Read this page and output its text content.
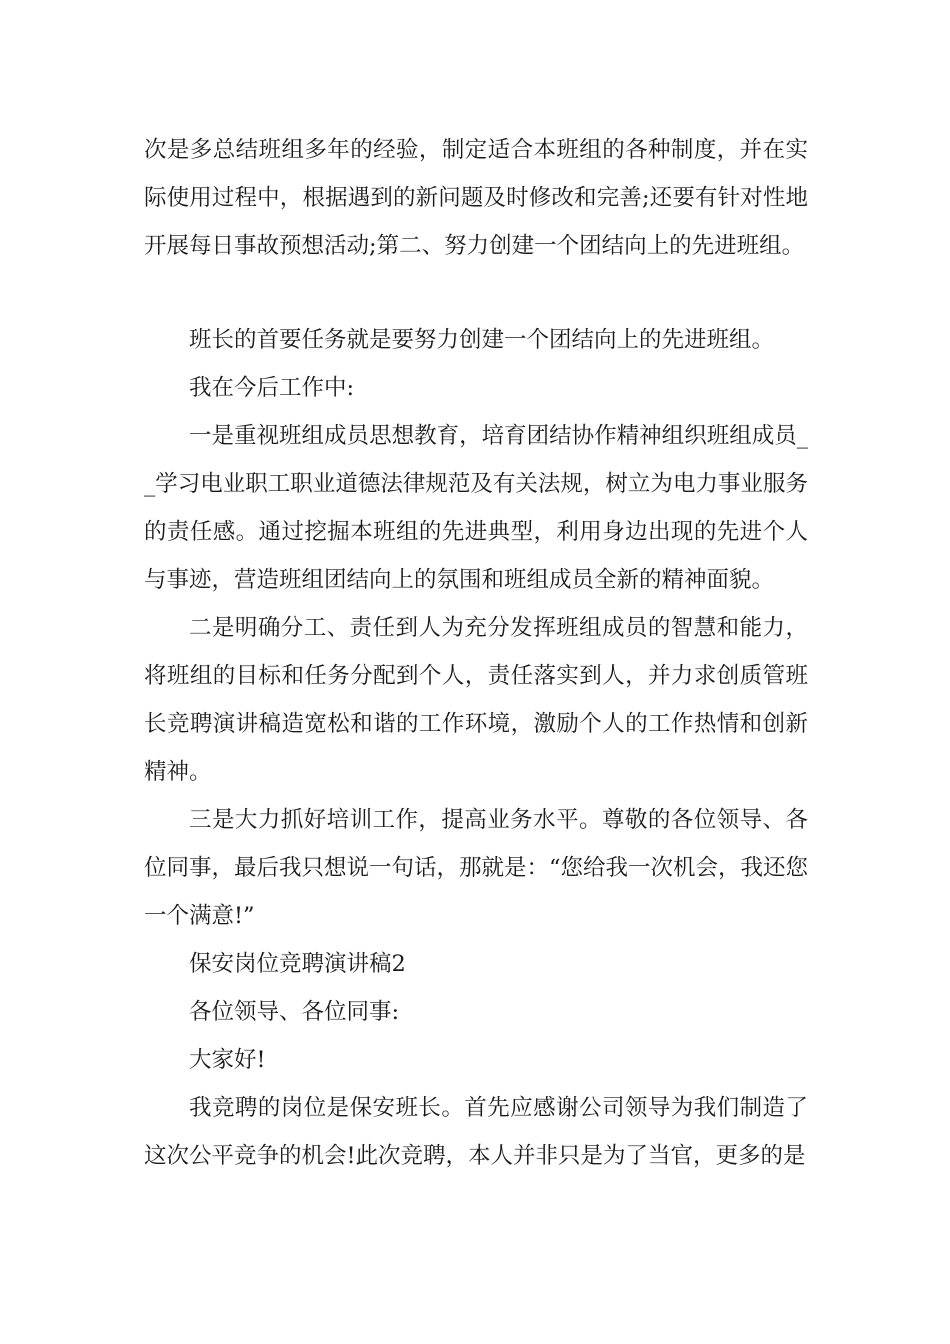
次是多总结班组多年的经验，制定适合本班组的各种制度，并在实际使用过程中，根据遇到的新问题及时修改和完善;还要有针对性地开展每日事故预想活动;第二、努力创建一个团结向上的先进班组。

班长的首要任务就是要努力创建一个团结向上的先进班组。

我在今后工作中:

一是重视班组成员思想教育，培育团结协作精神组织班组成员__学习电业职工职业道德法律规范及有关法规，树立为电力事业服务的责任感。通过挖掘本班组的先进典型，利用身边出现的先进个人与事迹，营造班组团结向上的氛围和班组成员全新的精神面貌。

二是明确分工、责任到人为充分发挥班组成员的智慧和能力，将班组的目标和任务分配到个人，责任落实到人，并力求创质管班长竞聘演讲稿造宽松和谐的工作环境，激励个人的工作热情和创新精神。

三是大力抓好培训工作，提高业务水平。尊敬的各位领导、各位同事，最后我只想说一句话，那就是：“您给我一次机会，我还您一个满意!”

保安岗位竞聘演讲稿2

各位领导、各位同事:

大家好!

我竞聘的岗位是保安班长。首先应感谢公司领导为我们制造了这次公平竞争的机会!此次竞聘，本人并非只是为了当官，更多的是
